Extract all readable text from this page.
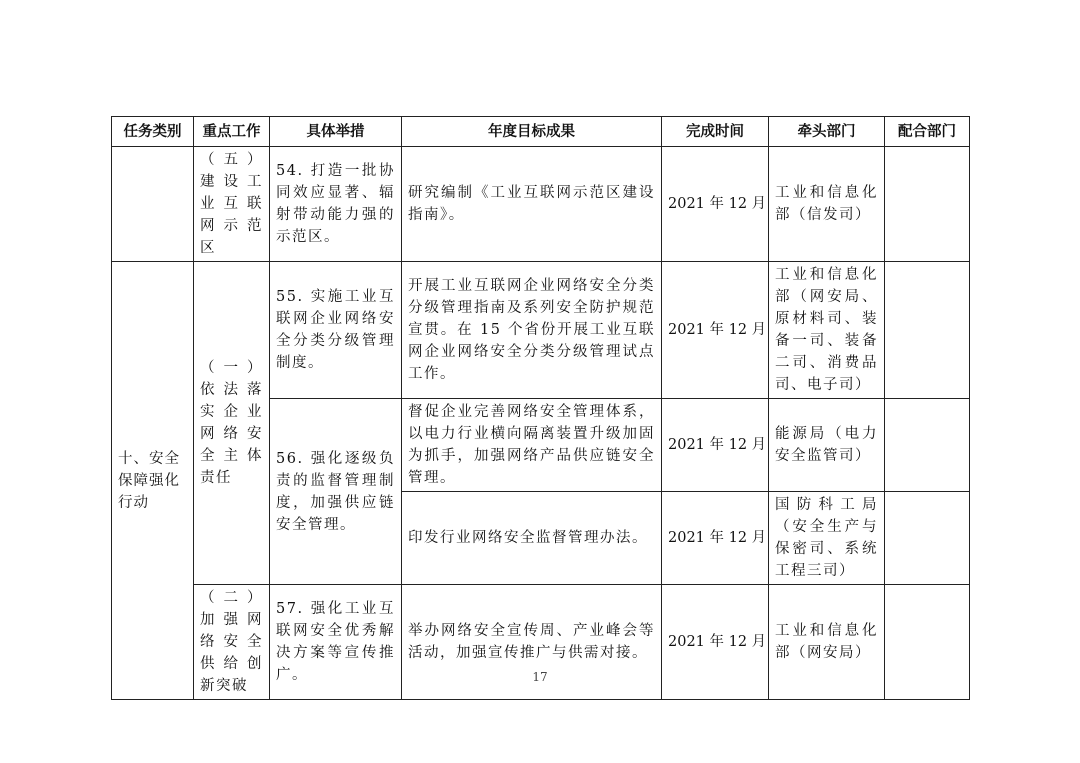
任务类别	重点工作	具体举措	年度目标成果	完成时间	牵头部门	配合部门
	（五）建设工业互联网示范区	54. 打造一批协同效应显著、辐射带动能力强的示范区。	研究编制《工业互联网示范区建设指南》。	2021 年 12 月	工业和信息化部（信发司）	
十、安全保障强化行动	（一）依法落实企业网络安全主体责任	55. 实施工业互联网企业网络安全分类分级管理制度。	开展工业互联网企业网络安全分类分级管理指南及系列安全防护规范宣贯。在 15 个省份开展工业互联网企业网络安全分类分级管理试点工作。	2021 年 12 月	工业和信息化部（网安局、原材料司、装备一司、装备二司、消费品司、电子司）	
		56. 强化逐级负责的监督管理制度，加强供应链安全管理。	督促企业完善网络安全管理体系，以电力行业横向隔离装置升级加固为抓手，加强网络产品供应链安全管理。	2021 年 12 月	能源局（电力安全监管司）	
			印发行业网络安全监督管理办法。	2021 年 12 月	国防科工局（安全生产与保密司、系统工程三司）	
	（二）加强网络安全供给创新突破	57. 强化工业互联网安全优秀解决方案等宣传推广。	举办网络安全宣传周、产业峰会等活动，加强宣传推广与供需对接。	2021 年 12 月	工业和信息化部（网安局）	
17
